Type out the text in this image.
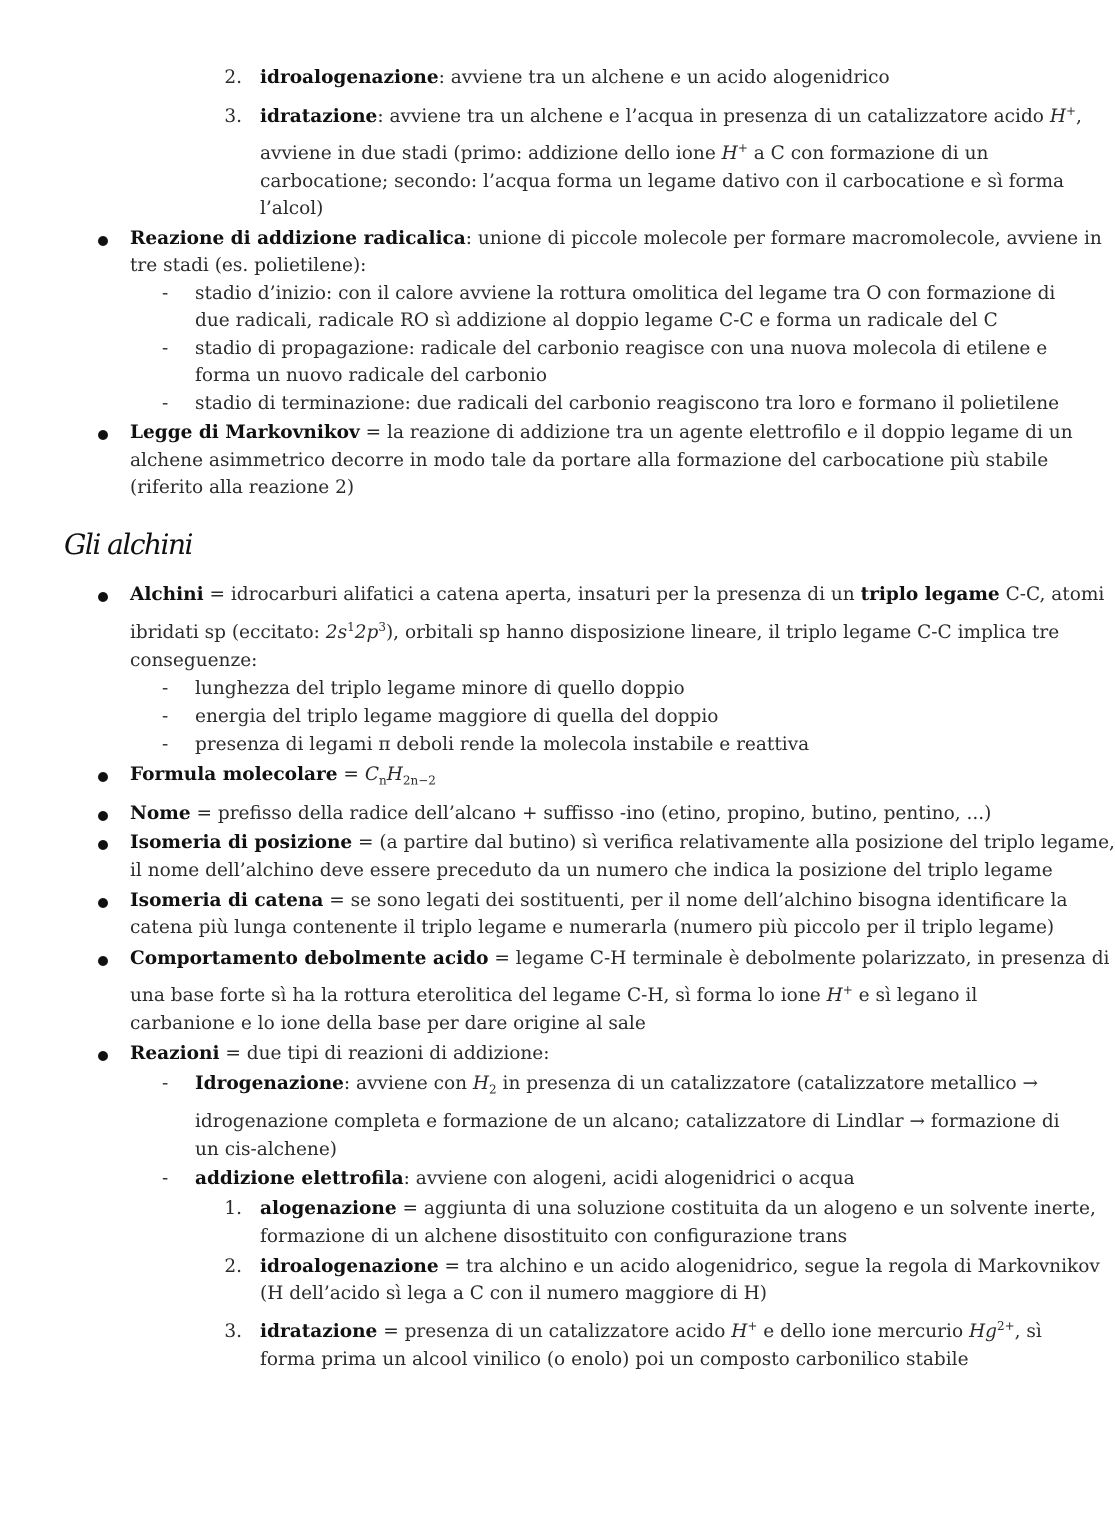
2. idroalogenazione: avviene tra un alchene e un acido alogenidrico
3. idratazione: avviene tra un alchene e l’acqua in presenza di un catalizzatore acido H+,
avviene in due stadi (primo: addizione dello ione H+ a C con formazione di un
carbocatione; secondo: l’acqua forma un legame dativo con il carbocatione e sì forma
l’alcol)
Reazione di addizione radicalica: unione di piccole molecole per formare macromolecole, avviene in
tre stadi (es. polietilene):
- stadio d’inizio: con il calore avviene la rottura omolitica del legame tra O con formazione di
due radicali, radicale RO sì addizione al doppio legame C-C e forma un radicale del C
- stadio di propagazione: radicale del carbonio reagisce con una nuova molecola di etilene e
forma un nuovo radicale del carbonio
- stadio di terminazione: due radicali del carbonio reagiscono tra loro e formano il polietilene
Legge di Markovnikov = la reazione di addizione tra un agente elettrofilo e il doppio legame di un
alchene asimmetrico decorre in modo tale da portare alla formazione del carbocatione più stabile
(riferito alla reazione 2)
Gli alchini
Alchini = idrocarburi alifatici a catena aperta, insaturi per la presenza di un triplo legame C-C, atomi
ibridati sp (eccitato: $2s^12p^3$), orbitali sp hanno disposizione lineare, il triplo legame C-C implica tre
conseguenze:
- lunghezza del triplo legame minore di quello doppio
- energia del triplo legame maggiore di quella del doppio
- presenza di legami π deboli rende la molecola instabile e reattiva
Formula molecolare = $C_nH_{2n-2}$
Nome = prefisso della radice dell’alcano + suffisso -ino (etino, propino, butino, pentino, ...)
Isomeria di posizione = (a partire dal butino) sì verifica relativamente alla posizione del triplo legame,
il nome dell’alchino deve essere preceduto da un numero che indica la posizione del triplo legame
Isomeria di catena = se sono legati dei sostituenti, per il nome dell’alchino bisogna identificare la
catena più lunga contenente il triplo legame e numerarla (numero più piccolo per il triplo legame)
Comportamento debolmente acido = legame C-H terminale è debolmente polarizzato, in presenza di
una base forte sì ha la rottura eterolitica del legame C-H, sì forma lo ione H+ e sì legano il
carbanione e lo ione della base per dare origine al sale
Reazioni = due tipi di reazioni di addizione:
- Idrogenazione: avviene con $H_2$ in presenza di un catalizzatore (catalizzatore metallico →
idrogenazione completa e formazione de un alcano; catalizzatore di Lindlar → formazione di
un cis-alchene)
- addizione elettrofila: avviene con alogeni, acidi alogenidrici o acqua
1. alogenazione = aggiunta di una soluzione costituita da un alogeno e un solvente inerte,
formazione di un alchene disostituito con configurazione trans
2. idroalogenazione = tra alchino e un acido alogenidrico, segue la regola di Markovnikov
(H dell’acido sì lega a C con il numero maggiore di H)
3. idratazione = presenza di un catalizzatore acido H+ e dello ione mercurio $Hg^{2+}$, sì
forma prima un alcool vinilico (o enolo) poi un composto carbonilico stabile
